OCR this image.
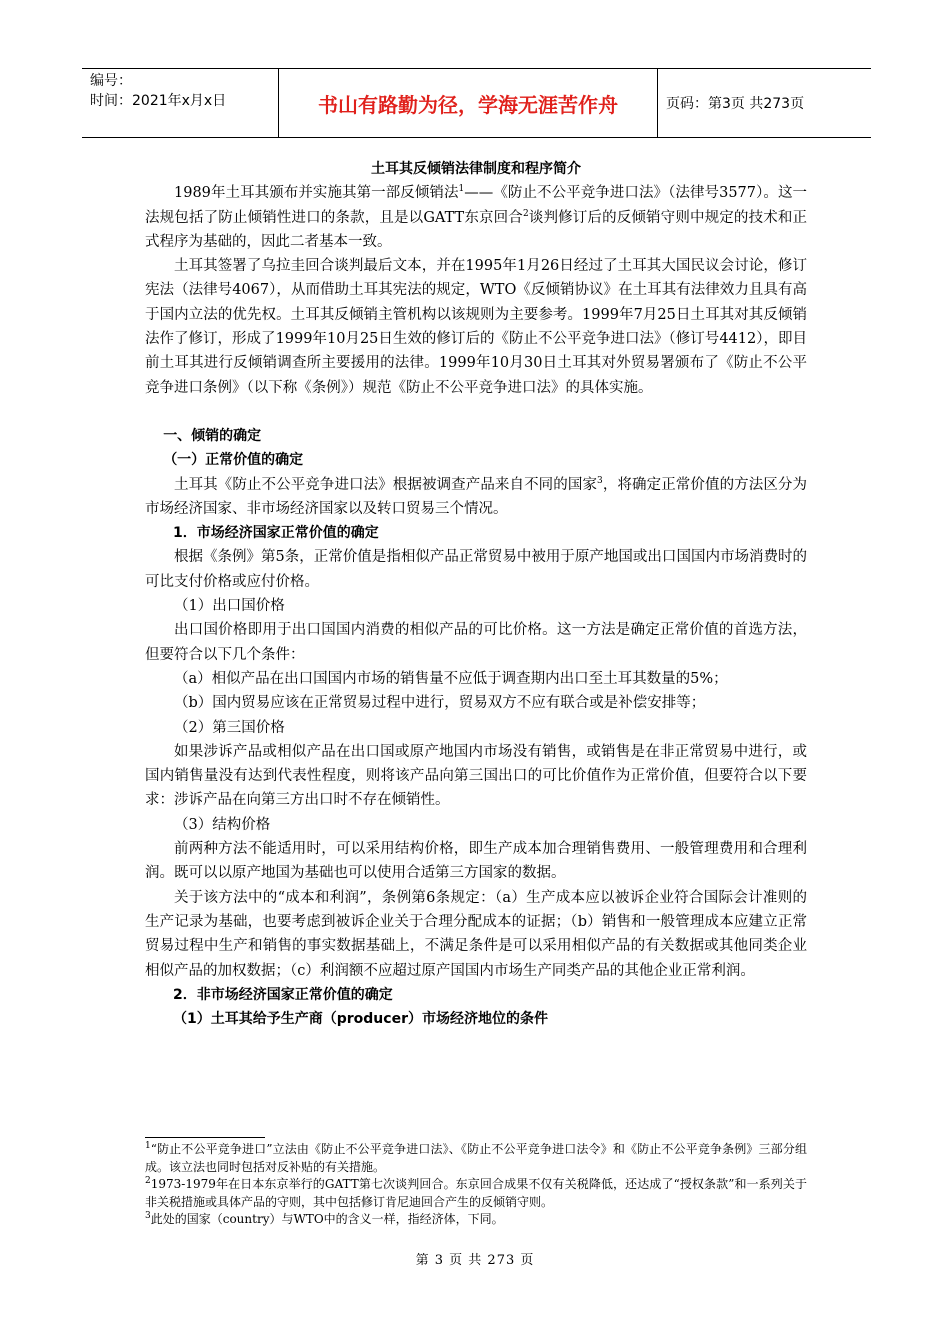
编号：
时间：2021年x月x日	书山有路勤为径，学海无涯苦作舟	页码：第3页 共273页

土耳其反倾销法律制度和程序简介

1989年土耳其颁布并实施其第一部反倾销法$^1$——《防止不公平竞争进口法》（法律号3577）。这一法规包括了防止倾销性进口的条款，且是以GATT东京回合$^2$谈判修订后的反倾销守则中规定的技术和正式程序为基础的，因此二者基本一致。

土耳其签署了乌拉圭回合谈判最后文本，并在1995年1月26日经过了土耳其大国民议会讨论，修订宪法（法律号4067），从而借助土耳其宪法的规定，WTO《反倾销协议》在土耳其有法律效力且具有高于国内立法的优先权。土耳其反倾销主管机构以该规则为主要参考。1999年7月25日土耳其对其反倾销法作了修订，形成了1999年10月25日生效的修订后的《防止不公平竞争进口法》（修订号4412），即目前土耳其进行反倾销调查所主要援用的法律。1999年10月30日土耳其对外贸易署颁布了《防止不公平竞争进口条例》（以下称《条例》）规范《防止不公平竞争进口法》的具体实施。

一、倾销的确定

（一）正常价值的确定

土耳其《防止不公平竞争进口法》根据被调查产品来自不同的国家$^3$，将确定正常价值的方法区分为市场经济国家、非市场经济国家以及转口贸易三个情况。

1．市场经济国家正常价值的确定

根据《条例》第5条，正常价值是指相似产品正常贸易中被用于原产地国或出口国国内市场消费时的可比支付价格或应付价格。

（1）出口国价格

出口国价格即用于出口国国内消费的相似产品的可比价格。这一方法是确定正常价值的首选方法，但要符合以下几个条件：

（a）相似产品在出口国国内市场的销售量不应低于调查期内出口至土耳其数量的5%；

（b）国内贸易应该在正常贸易过程中进行，贸易双方不应有联合或是补偿安排等；

（2）第三国价格

如果涉诉产品或相似产品在出口国或原产地国内市场没有销售，或销售是在非正常贸易中进行，或国内销售量没有达到代表性程度，则将该产品向第三国出口的可比价值作为正常价值，但要符合以下要求：涉诉产品在向第三方出口时不存在倾销性。

（3）结构价格

前两种方法不能适用时，可以采用结构价格，即生产成本加合理销售费用、一般管理费用和合理利润。既可以以原产地国为基础也可以使用合适第三方国家的数据。

关于该方法中的“成本和利润”，条例第6条规定：（a）生产成本应以被诉企业符合国际会计准则的生产记录为基础，也要考虑到被诉企业关于合理分配成本的证据；（b）销售和一般管理成本应建立正常贸易过程中生产和销售的事实数据基础上，不满足条件是可以采用相似产品的有关数据或其他同类企业相似产品的加权数据；（c）利润额不应超过原产国国内市场生产同类产品的其他企业正常利润。

2．非市场经济国家正常价值的确定

（1）土耳其给予生产商（producer）市场经济地位的条件

$^1$“防止不公平竞争进口”立法由《防止不公平竞争进口法》、《防止不公平竞争进口法令》和《防止不公平竞争条例》三部分组成。该立法也同时包括对反补贴的有关措施。

$^2$1973-1979年在日本东京举行的GATT第七次谈判回合。东京回合成果不仅有关税降低，还达成了“授权条款”和一系列关于非关税措施或具体产品的守则，其中包括修订肯尼迪回合产生的反倾销守则。

$^3$此处的国家（country）与WTO中的含义一样，指经济体，下同。

第 3 页 共 273 页
